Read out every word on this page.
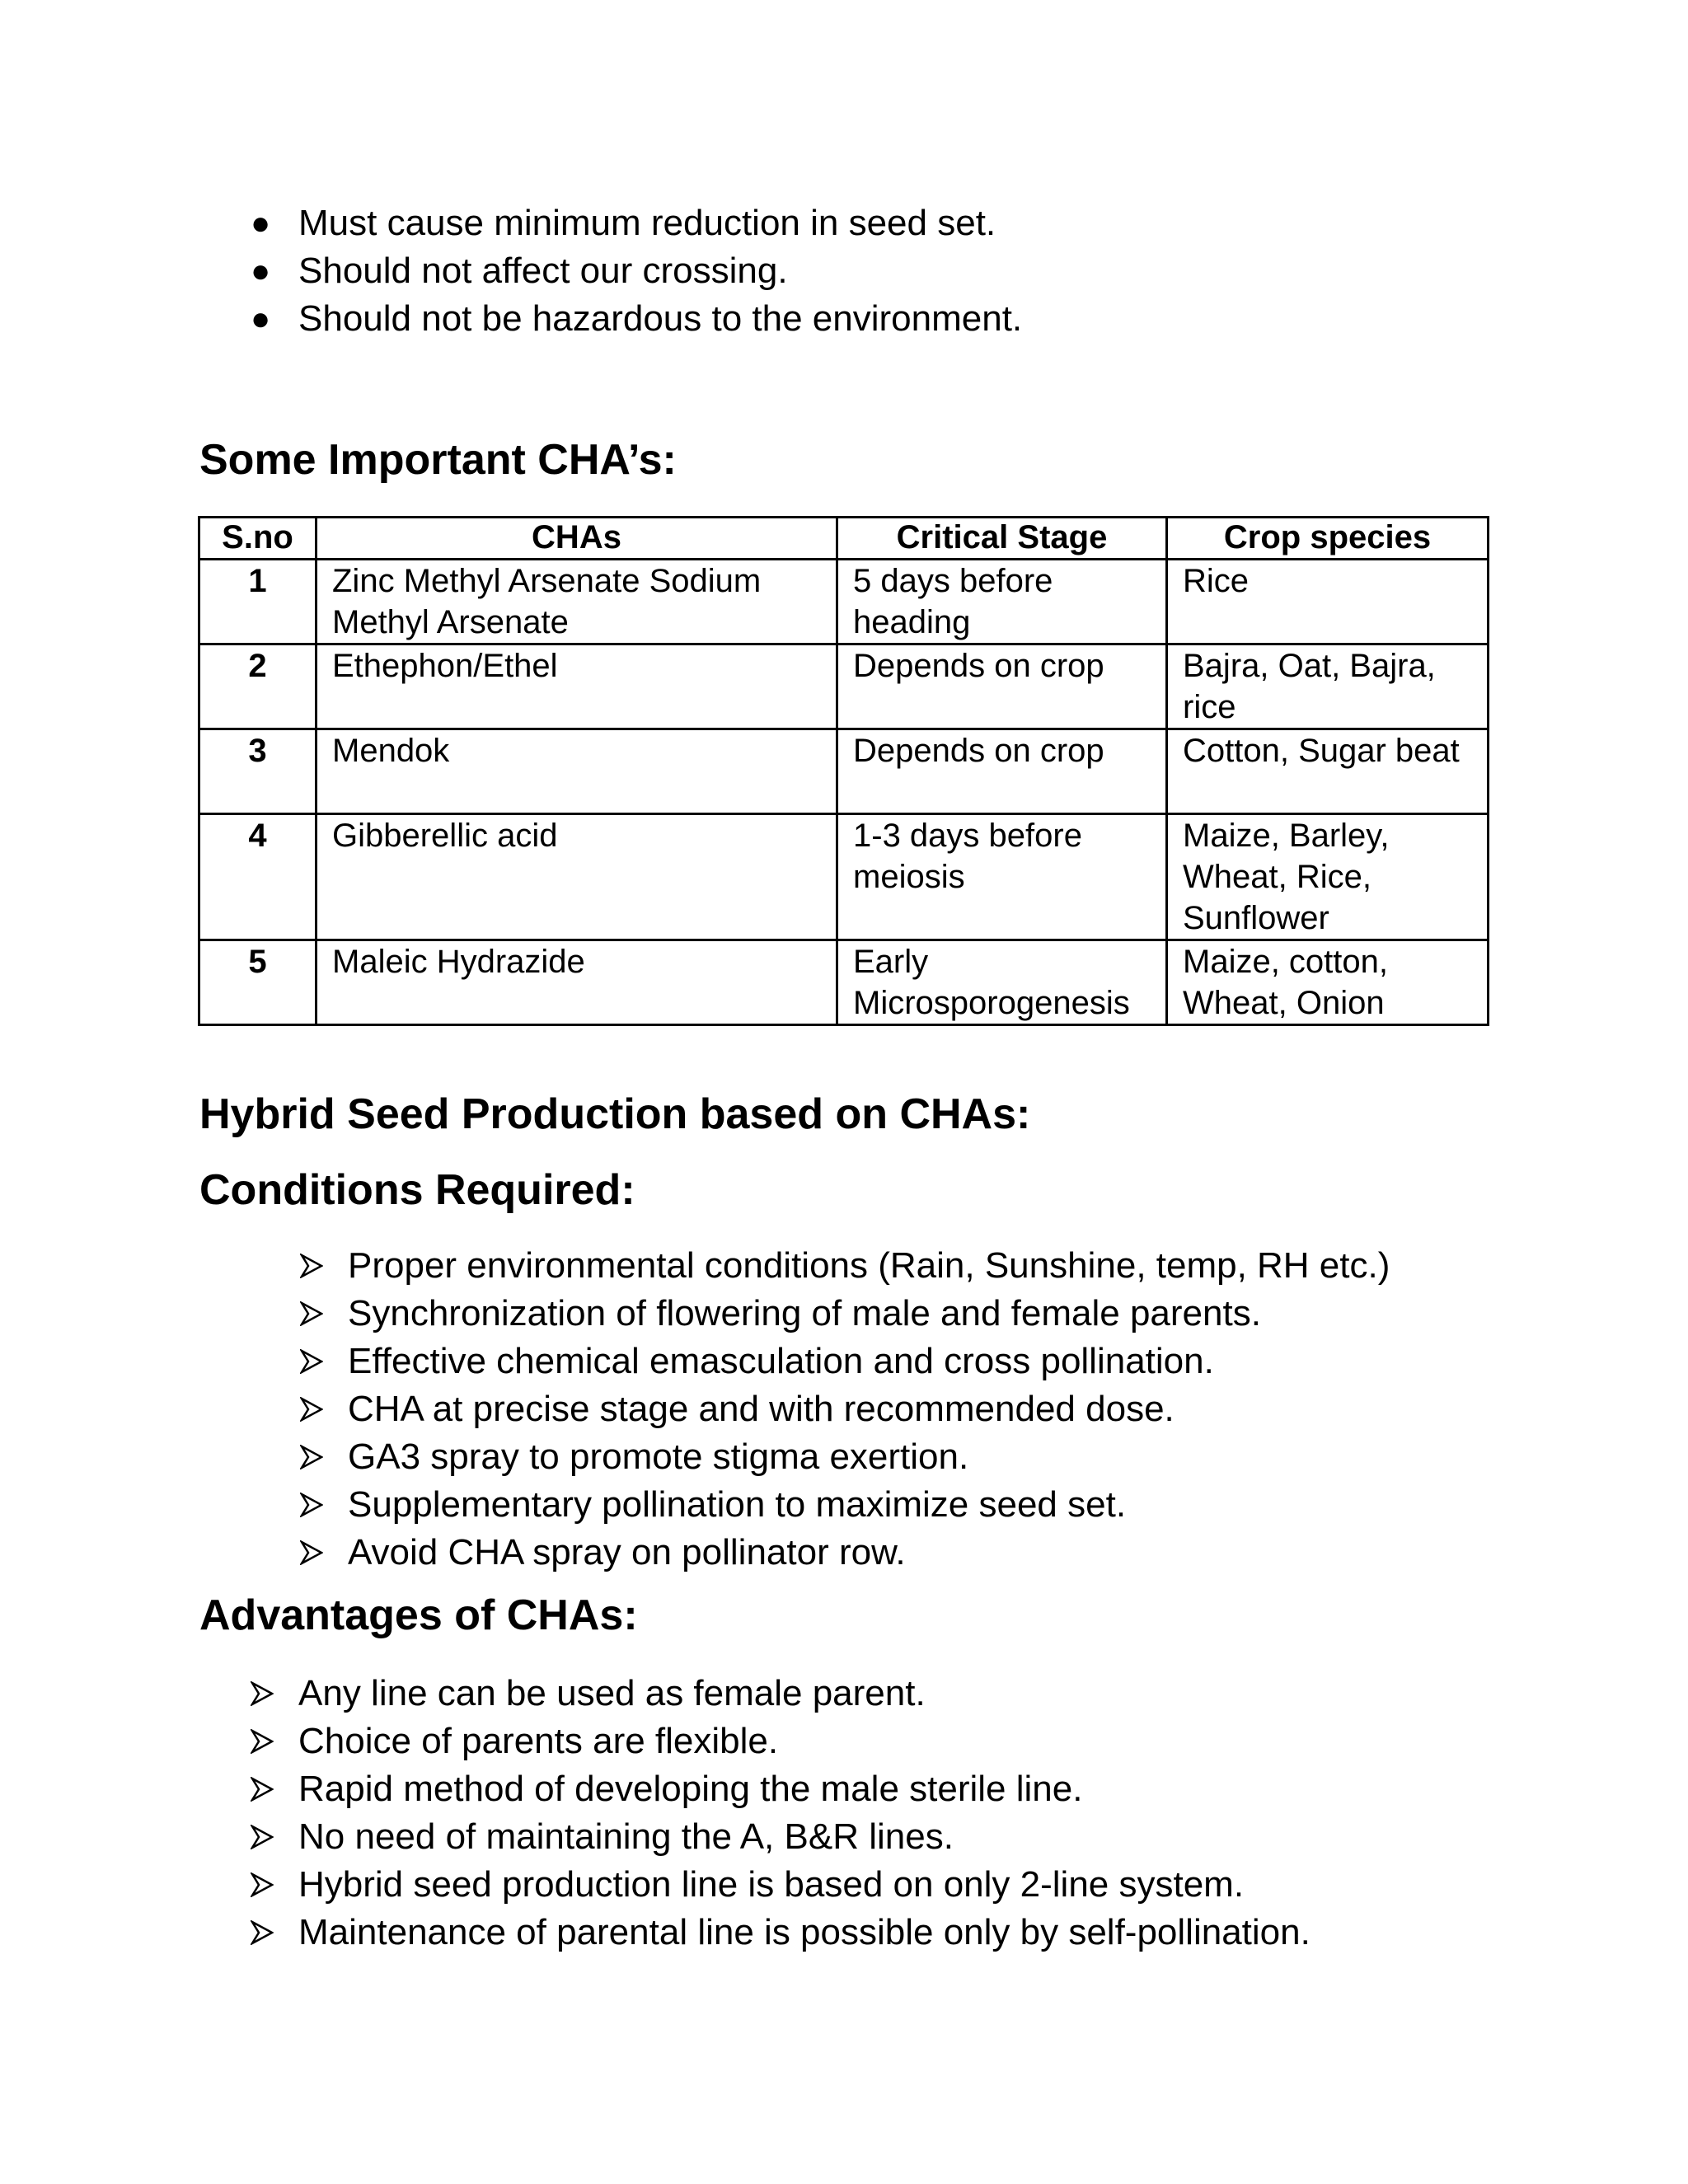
● Must cause minimum reduction in seed set.
● Should not affect our crossing.
● Should not be hazardous to the environment.
Some Important CHA’s:
S.no	CHAs	Critical Stage	Crop species
1	Zinc Methyl Arsenate Sodium Methyl Arsenate	5 days before heading	Rice
2	Ethephon/Ethel	Depends on crop	Bajra, Oat, Bajra, rice
3	Mendok	Depends on crop	Cotton, Sugar beat
4	Gibberellic acid	1-3 days before meiosis	Maize, Barley, Wheat, Rice, Sunflower
5	Maleic Hydrazide	Early Microsporogenesis	Maize, cotton, Wheat, Onion
Hybrid Seed Production based on CHAs:
Conditions Required:
Proper environmental conditions (Rain, Sunshine, temp, RH etc.)
Synchronization of flowering of male and female parents.
Effective chemical emasculation and cross pollination.
CHA at precise stage and with recommended dose.
GA3 spray to promote stigma exertion.
Supplementary pollination to maximize seed set.
Avoid CHA spray on pollinator row.
Advantages of CHAs:
Any line can be used as female parent.
Choice of parents are flexible.
Rapid method of developing the male sterile line.
No need of maintaining the A, B&R lines.
Hybrid seed production line is based on only 2-line system.
Maintenance of parental line is possible only by self-pollination.
